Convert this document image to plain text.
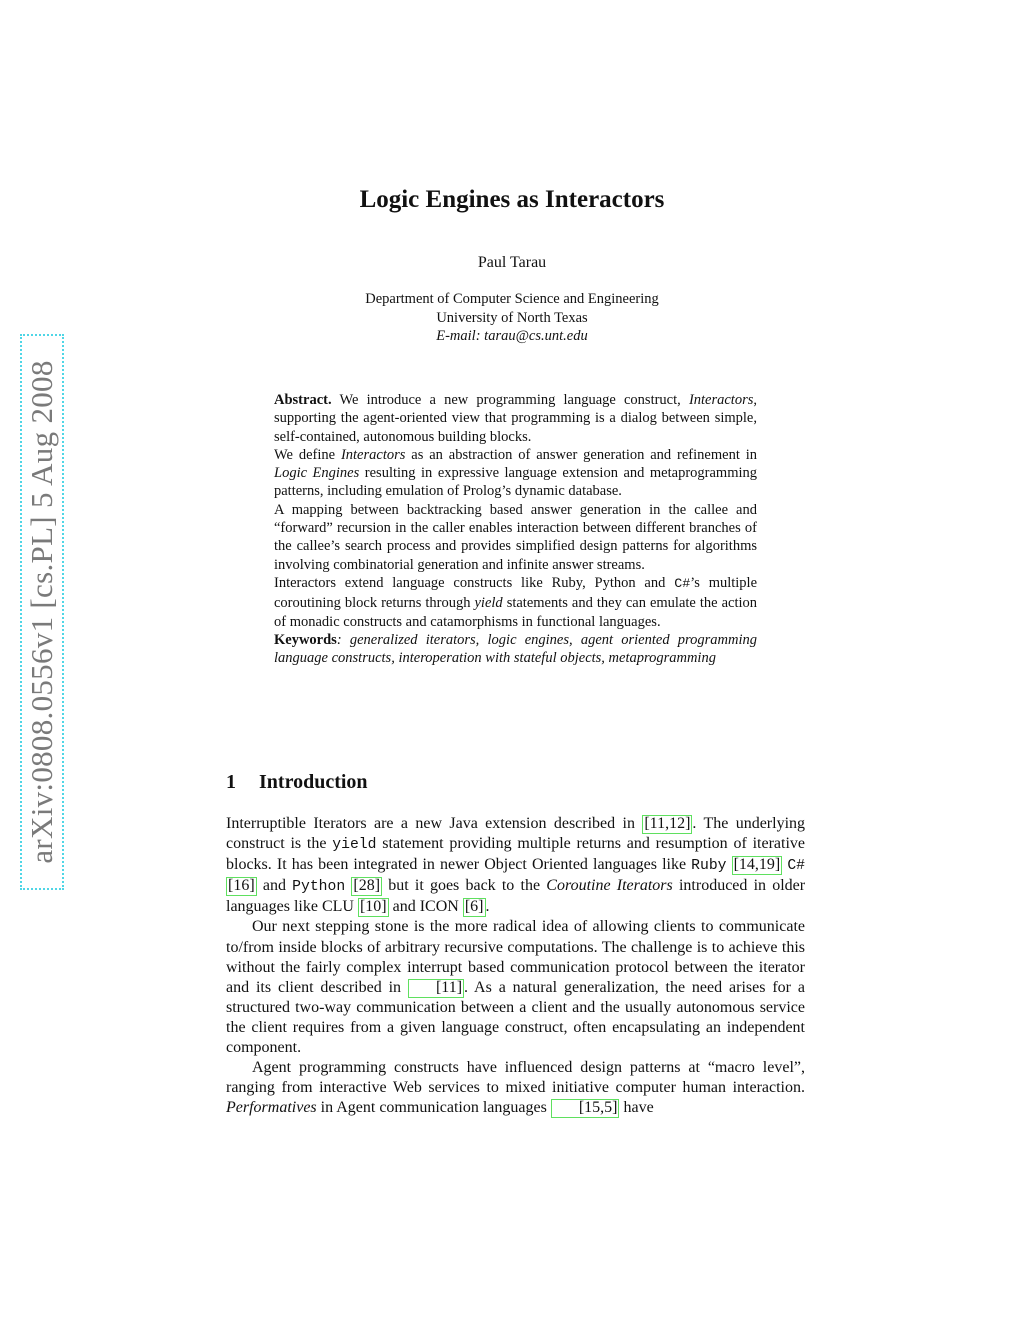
arXiv:0808.0556v1 [cs.PL] 5 Aug 2008
Logic Engines as Interactors
Paul Tarau
Department of Computer Science and Engineering
University of North Texas
E-mail: tarau@cs.unt.edu

Abstract. We introduce a new programming language construct, Interactors, supporting the agent-oriented view that programming is a dialog between simple, self-contained, autonomous building blocks.

We define Interactors as an abstraction of answer generation and refinement in Logic Engines resulting in expressive language extension and metaprogramming patterns, including emulation of Prolog’s dynamic database.

A mapping between backtracking based answer generation in the callee and “forward” recursion in the caller enables interaction between different branches of the callee’s search process and provides simplified design patterns for algorithms involving combinatorial generation and infinite answer streams.

Interactors extend language constructs like Ruby, Python and C#’s multiple coroutining block returns through yield statements and they can emulate the action of monadic constructs and catamorphisms in functional languages.

Keywords: generalized iterators, logic engines, agent oriented programming language constructs, interoperation with stateful objects, metaprogramming

1 Introduction

Interruptible Iterators are a new Java extension described in [11,12] . The underlying construct is the yield statement providing multiple returns and resumption of iterative blocks. It has been integrated in newer Object Oriented languages like Ruby [14,19] C# [16] and Python [28] but it goes back to the Coroutine Iterators introduced in older languages like CLU [10] and ICON [6] .

Our next stepping stone is the more radical idea of allowing clients to communicate to/from inside blocks of arbitrary recursive computations. The challenge is to achieve this without the fairly complex interrupt based communication protocol between the iterator and its client described in [11] . As a natural generalization, the need arises for a structured two-way communication between a client and the usually autonomous service the client requires from a given language construct, often encapsulating an independent component.

Agent programming constructs have influenced design patterns at “macro level”, ranging from interactive Web services to mixed initiative computer human interaction. Performatives in Agent communication languages [15,5] have
